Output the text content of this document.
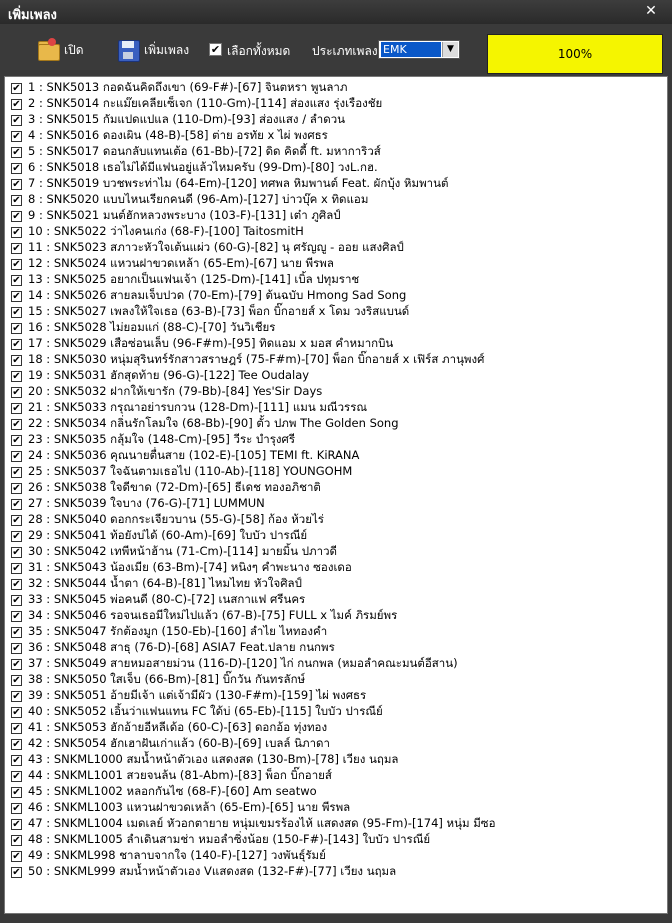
เพิ่มเพลง	✕
เปิด	เพิ่มเพลง ✔ เลือกทั้งหมด ประเภทเพลง EMK	▼	100%
✔ 1 : SNK5013 กอดฉันคิดถึงเขา (69-F#)-[67] จินตหรา พูนลาภ
✔ 2 : SNK5014 กะแม๊ยเคลียเซ็เจก (110-Gm)-[114] ส่องแสง รุ่งเรืองชัย
✔ 3 : SNK5015 กัมแปดแปแล (110-Dm)-[93] ส่องแสง / ลำดวน
✔ 4 : SNK5016 ดองเผิน (48-B)-[58] ต่าย อรทัย x ไผ่ พงศธร
✔ 5 : SNK5017 ดอนกลับแทนเต้อ (61-Bb)-[72] ดิด คิดดี้ ft. มหาการิวส์
✔ 6 : SNK5018 เธอไม่ได้มีแฟนอยู่แล้วไหมครับ (99-Dm)-[80] วงL.กฮ.
✔ 7 : SNK5019 บวชพระท่าไม (64-Em)-[120] ทศพล หิมพานต์ Feat. ผักบุ้ง หิมพานต์
✔ 8 : SNK5020 แบบไหนเรียกคนดี (96-Am)-[127] บ่าวบุ๊ค x ทิดแอม
✔ 9 : SNK5021 มนต์ฮักหลวงพระบาง (103-F)-[131] เต๋า ภูศิลป์
✔ 10 : SNK5022 ว่าไงคนเก่ง (68-F)-[100] TaitosmitH
✔ 11 : SNK5023 สภาวะหัวใจเต้นแผ่ว (60-G)-[82] นุ ศรัญญู - ออย แสงศิลป์
✔ 12 : SNK5024 แหวนฝาขวดเหล้า (65-Em)-[67] นาย พีรพล
✔ 13 : SNK5025 อยากเป็นแฟนเจ้า (125-Dm)-[141] เบิ้ล ปทุมราช
✔ 14 : SNK5026 สายลมเจ็บปวด (70-Em)-[79] ต้นฉบับ Hmong Sad Song
✔ 15 : SNK5027 เพลงให้ใจเธอ (63-B)-[73] พ็อก บิ๊กอายส์ x โดม วงริสแบนด์
✔ 16 : SNK5028 ไม่ยอมแก่ (88-C)-[70] วันวิเชียร
✔ 17 : SNK5029 เสือซ่อนเล็บ (96-F#m)-[95] ทิดแอม x มอส คำหมากบิน
✔ 18 : SNK5030 หนุ่มสุรินทร์รักสาวสราษฎร์ (75-F#m)-[70] พ็อก บิ๊กอายส์ x เฟิร์ส ภานุพงศ์
✔ 19 : SNK5031 ฮักสุดท้าย (96-G)-[122] Tee Oudalay
✔ 20 : SNK5032 ฝากให้เขารัก (79-Bb)-[84] Yes'Sir Days
✔ 21 : SNK5033 กรุณาอย่ารบกวน (128-Dm)-[111] แมน มณีวรรณ
✔ 22 : SNK5034 กลิ่นรักโลมใจ (68-Bb)-[90] ตั้ว ปภพ The Golden Song
✔ 23 : SNK5035 กลุ้มใจ (148-Cm)-[95] วีระ บำรุงศรี
✔ 24 : SNK5036 คุณนายตื่นสาย (102-E)-[105] TEMI ft. KiRANA
✔ 25 : SNK5037 ใจฉันตามเธอไป (110-Ab)-[118] YOUNGOHM
✔ 26 : SNK5038 ใจดีขาด (72-Dm)-[65] ธีเดช ทองอภิชาติ
✔ 27 : SNK5039 ใจบาง (76-G)-[71] LUMMUN
✔ 28 : SNK5040 ดอกกระเจียวบาน (55-G)-[58] ก้อง ห้วยไร่
✔ 29 : SNK5041 ท้อยังบ่ได้ (60-Am)-[69] ใบบัว ปารณีย์
✔ 30 : SNK5042 เทพีหน้าฮ้าน (71-Cm)-[114] มายมิ้น ปภาวดี
✔ 31 : SNK5043 น้องเมีย (63-Bm)-[74] หนิงๆ คำพะนาง ซองเดอ
✔ 32 : SNK5044 น้ำตา (64-B)-[81] ไหมไทย หัวใจศิลป์
✔ 33 : SNK5045 พ่อคนดี (80-C)-[72] เนสกาแฟ ศรีนคร
✔ 34 : SNK5046 รอจนเธอมีใหม่ไปแล้ว (67-B)-[75] FULL x ไมค์ ภิรมย์พร
✔ 35 : SNK5047 รักต้องมูก (150-Eb)-[160] ลำไย ไหทองคำ
✔ 36 : SNK5048 สาธุ (76-D)-[68] ASIA7 Feat.ปลาย กนกพร
✔ 37 : SNK5049 สายหมอสายม่วน (116-D)-[120] ไก่ กนกพล (หมอลำคณะมนต์อีสาน)
✔ 38 : SNK5050 ใสเจ็บ (66-Bm)-[81] บิ๊กวัน กันทรลักษ์
✔ 39 : SNK5051 อ้ายมีเจ้า แต่เจ้ามีผัว (130-F#m)-[159] ไผ่ พงศธร
✔ 40 : SNK5052 เอิ้นว่าแฟนแทน FC ใด้บ่ (65-Eb)-[115] ใบบัว ปารณีย์
✔ 41 : SNK5053 ฮักอ้ายอีหลีเด้อ (60-C)-[63] ดอกอ้อ ทุ่งทอง
✔ 42 : SNK5054 ฮักเฮาฝันเก่าแล้ว (60-B)-[69] เบลล์ นิภาดา
✔ 43 : SNKML1000 สมน้ำหน้าตัวเอง แสดงสด (130-Bm)-[78] เวียง นฤมล
✔ 44 : SNKML1001 สวยจนล้น (81-Abm)-[83] พ็อก บิ๊กอายส์
✔ 45 : SNKML1002 หลอกกันไซ (68-F)-[60] Am seatwo
✔ 46 : SNKML1003 แหวนฝาขวดเหล้า (65-Em)-[65] นาย พีรพล
✔ 47 : SNKML1004 เมดเลย์ หัวอกตายาย หนุ่มเขมรร้องไห้ แสดงสด (95-Fm)-[174] หนุ่ม มีซอ
✔ 48 : SNKML1005 ลำเดินสามช่า หมอลำซิ่งน้อย (150-F#)-[143] ใบบัว ปารณีย์
✔ 49 : SNKML998 ชาลาบจากใจ (140-F)-[127] วงพันธุ์รัมย์
✔ 50 : SNKML999 สมน้ำหน้าตัวเอง Vแสดงสด (132-F#)-[77] เวียง นฤมล
